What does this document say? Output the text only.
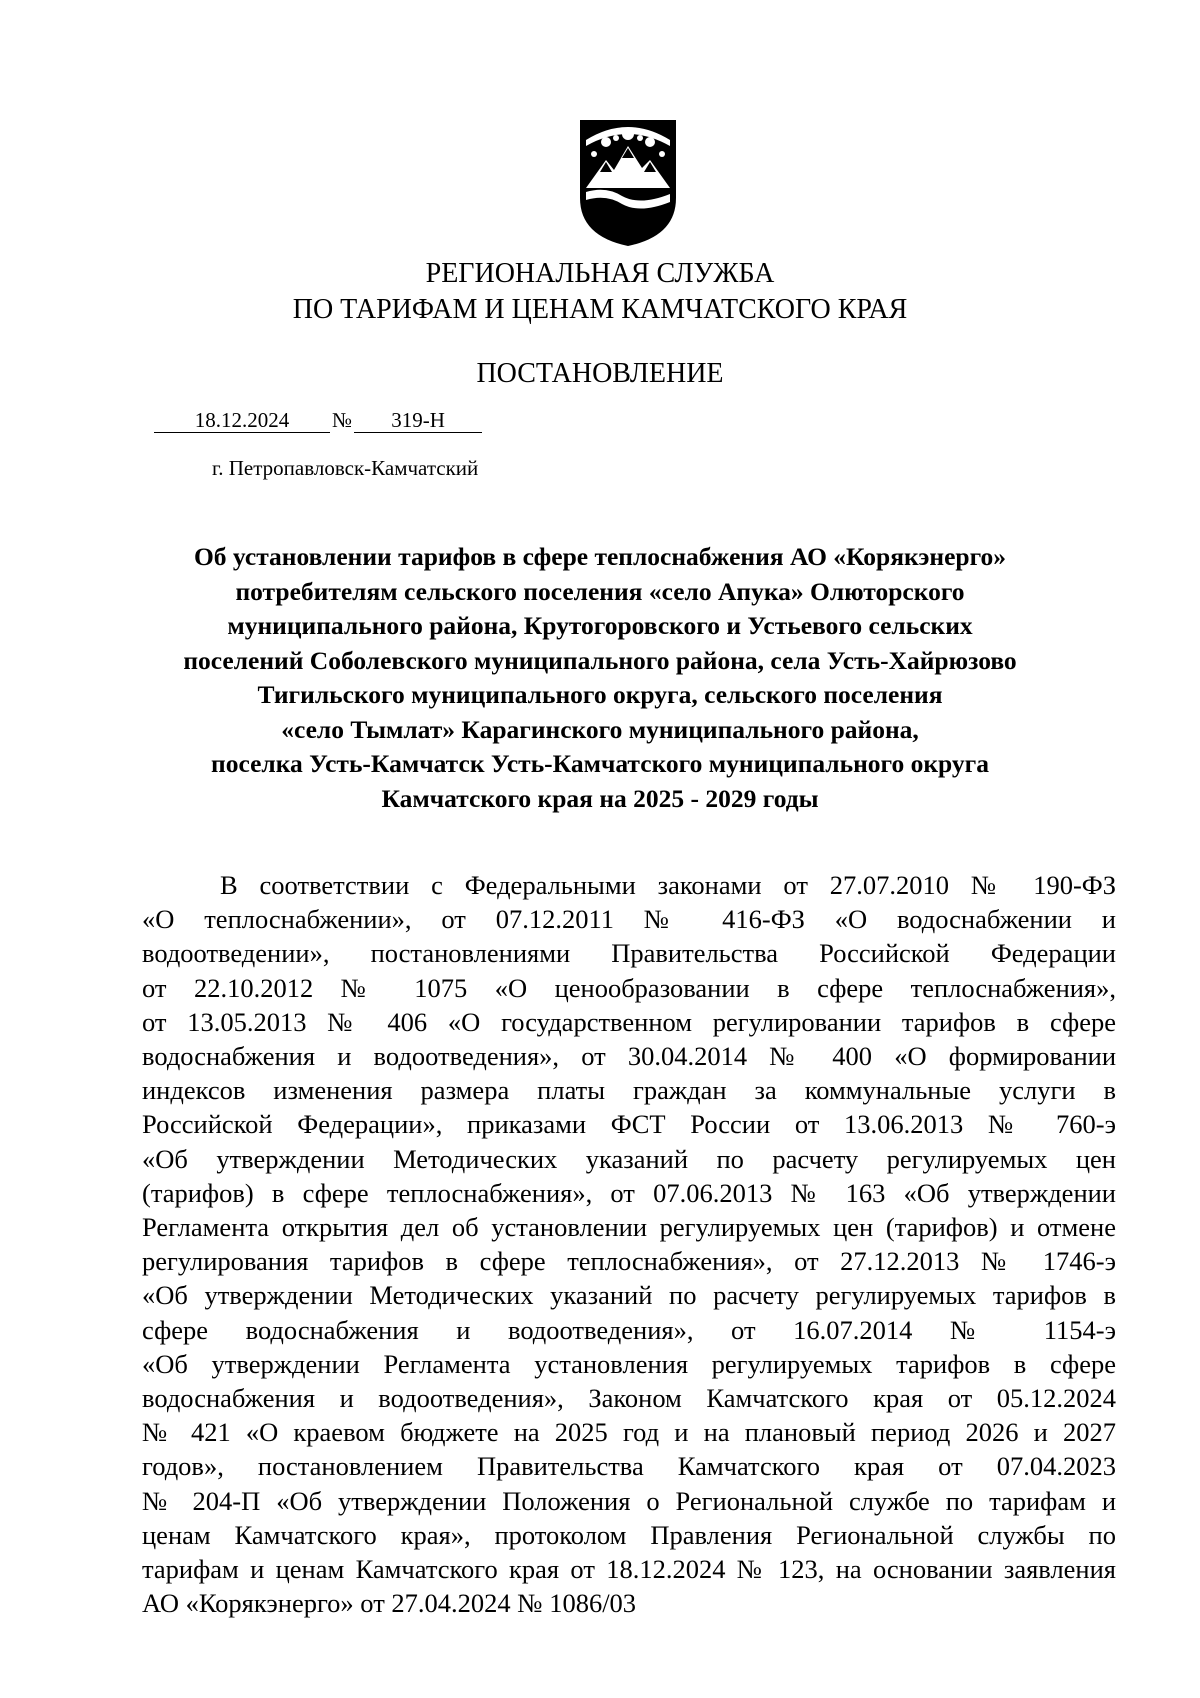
РЕГИОНАЛЬНАЯ СЛУЖБА
ПО ТАРИФАМ И ЦЕНАМ КАМЧАТСКОГО КРАЯ
ПОСТАНОВЛЕНИЕ
18.12.2024 № 319-Н
г. Петропавловск-Камчатский
Об установлении тарифов в сфере теплоснабжения АО «Корякэнерго»
потребителям сельского поселения «село Апука» Олюторского
муниципального района, Крутогоровского и Устьевого сельских
поселений Соболевского муниципального района, села Усть-Хайрюзово
Тигильского муниципального округа, сельского поселения
«село Тымлат» Карагинского муниципального района,
поселка Усть-Камчатск Усть-Камчатского муниципального округа
Камчатского края на 2025 - 2029 годы
В соответствии с Федеральными законами от 27.07.2010 № 190-ФЗ
«О теплоснабжении», от 07.12.2011 № 416-ФЗ «О водоснабжении и
водоотведении», постановлениями Правительства Российской Федерации
от 22.10.2012 № 1075 «О ценообразовании в сфере теплоснабжения»,
от 13.05.2013 № 406 «О государственном регулировании тарифов в сфере
водоснабжения и водоотведения», от 30.04.2014 № 400 «О формировании
индексов изменения размера платы граждан за коммунальные услуги в
Российской Федерации», приказами ФСТ России от 13.06.2013 № 760-э
«Об утверждении Методических указаний по расчету регулируемых цен
(тарифов) в сфере теплоснабжения», от 07.06.2013 № 163 «Об утверждении
Регламента открытия дел об установлении регулируемых цен (тарифов) и отмене
регулирования тарифов в сфере теплоснабжения», от 27.12.2013 № 1746-э
«Об утверждении Методических указаний по расчету регулируемых тарифов в
сфере водоснабжения и водоотведения», от 16.07.2014 № 1154-э
«Об утверждении Регламента установления регулируемых тарифов в сфере
водоснабжения и водоотведения», Законом Камчатского края от 05.12.2024
№ 421 «О краевом бюджете на 2025 год и на плановый период 2026 и 2027
годов», постановлением Правительства Камчатского края от 07.04.2023
№ 204-П «Об утверждении Положения о Региональной службе по тарифам и
ценам Камчатского края», протоколом Правления Региональной службы по
тарифам и ценам Камчатского края от 18.12.2024 № 123, на основании заявления
АО «Корякэнерго» от 27.04.2024 № 1086/03
